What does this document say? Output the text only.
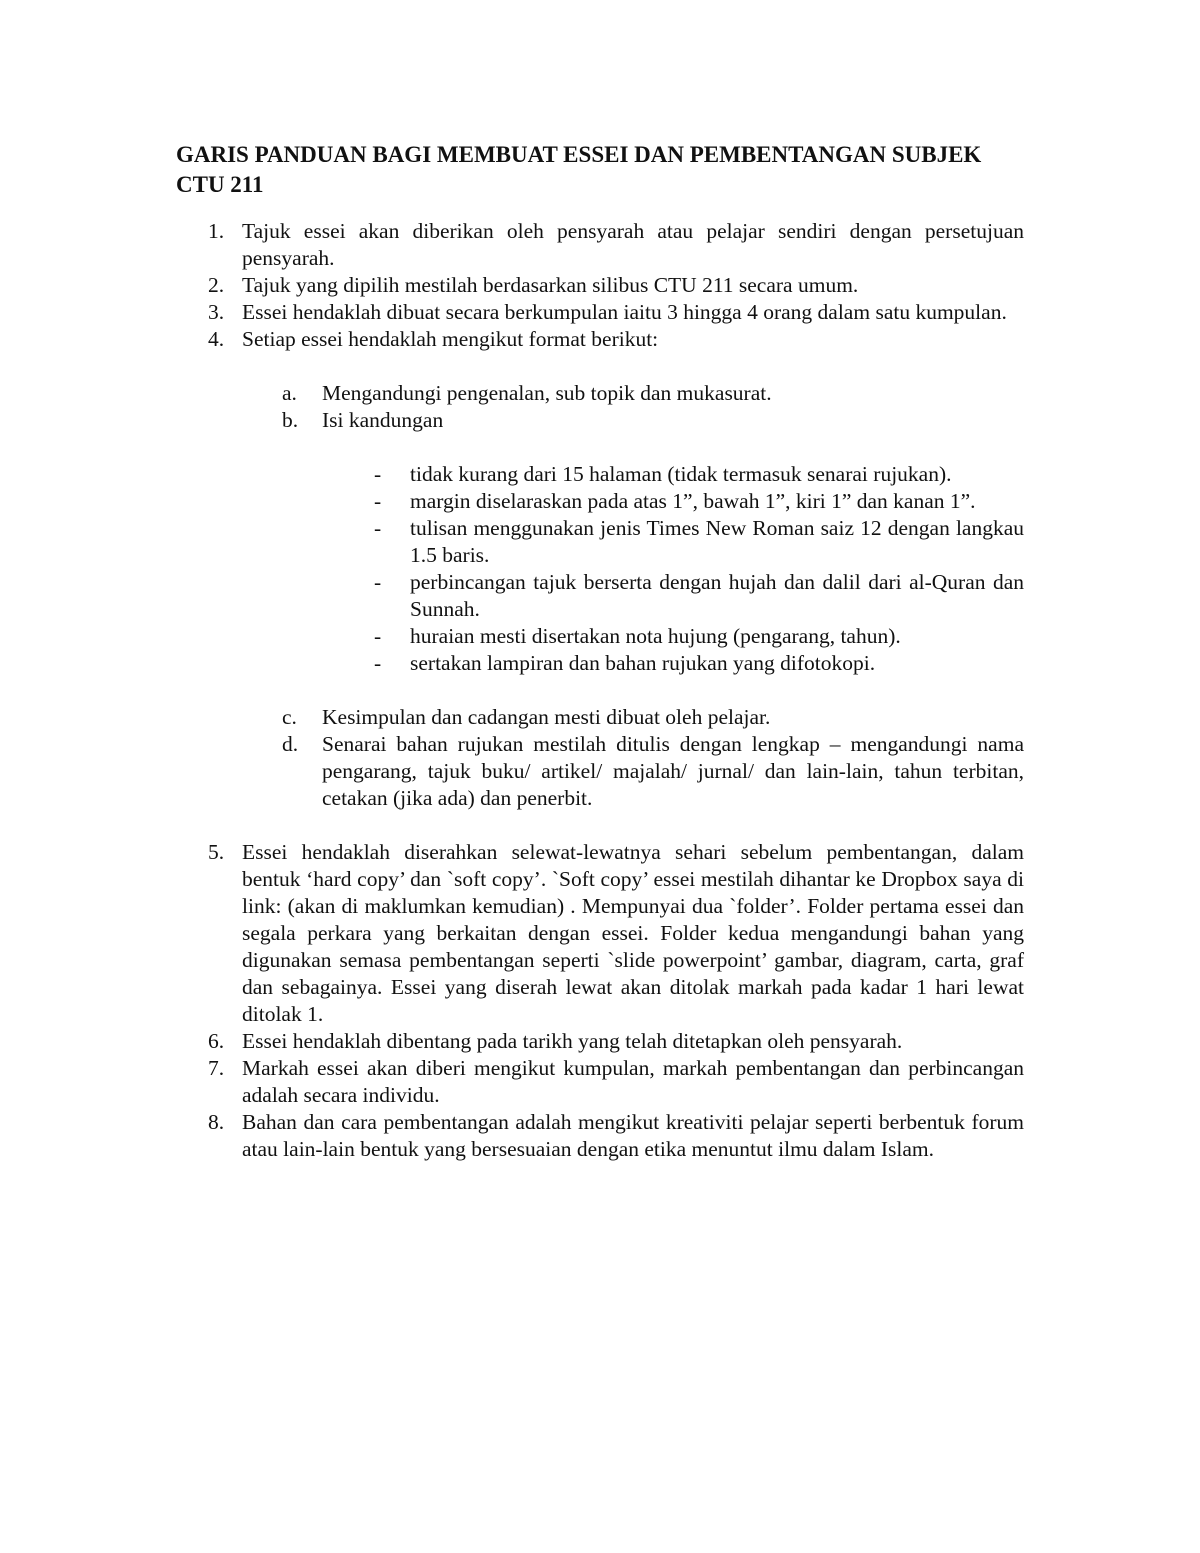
GARIS PANDUAN BAGI MEMBUAT ESSEI DAN PEMBENTANGAN SUBJEK CTU 211
1. Tajuk essei akan diberikan oleh pensyarah atau pelajar sendiri dengan persetujuan pensyarah.
2. Tajuk yang dipilih mestilah berdasarkan silibus CTU 211 secara umum.
3. Essei hendaklah dibuat secara berkumpulan iaitu 3 hingga 4 orang dalam satu kumpulan.
4. Setiap essei hendaklah mengikut format berikut:
a. Mengandungi pengenalan, sub topik dan mukasurat.
b. Isi kandungan
- tidak kurang dari 15 halaman (tidak termasuk senarai rujukan).
- margin diselaraskan pada atas 1”, bawah 1”, kiri 1” dan kanan 1”.
- tulisan menggunakan jenis Times New Roman saiz 12 dengan langkau 1.5 baris.
- perbincangan tajuk berserta dengan hujah dan dalil dari al-Quran dan Sunnah.
- huraian mesti disertakan nota hujung (pengarang, tahun).
- sertakan lampiran dan bahan rujukan yang difotokopi.
c. Kesimpulan dan cadangan mesti dibuat oleh pelajar.
d. Senarai bahan rujukan mestilah ditulis dengan lengkap – mengandungi nama pengarang, tajuk buku/ artikel/ majalah/ jurnal/ dan lain-lain, tahun terbitan, cetakan (jika ada) dan penerbit.
5. Essei hendaklah diserahkan selewat-lewatnya sehari sebelum pembentangan, dalam bentuk ‘hard copy’ dan `soft copy’. `Soft copy’ essei mestilah dihantar ke Dropbox saya di link: (akan di maklumkan kemudian) . Mempunyai dua `folder’. Folder pertama essei dan segala perkara yang berkaitan dengan essei. Folder kedua mengandungi bahan yang digunakan semasa pembentangan seperti `slide powerpoint’ gambar, diagram, carta, graf dan sebagainya. Essei yang diserah lewat akan ditolak markah pada kadar 1 hari lewat ditolak 1.
6. Essei hendaklah dibentang pada tarikh yang telah ditetapkan oleh pensyarah.
7. Markah essei akan diberi mengikut kumpulan, markah pembentangan dan perbincangan adalah secara individu.
8. Bahan dan cara pembentangan adalah mengikut kreativiti pelajar seperti berbentuk forum atau lain-lain bentuk yang bersesuaian dengan etika menuntut ilmu dalam Islam.
